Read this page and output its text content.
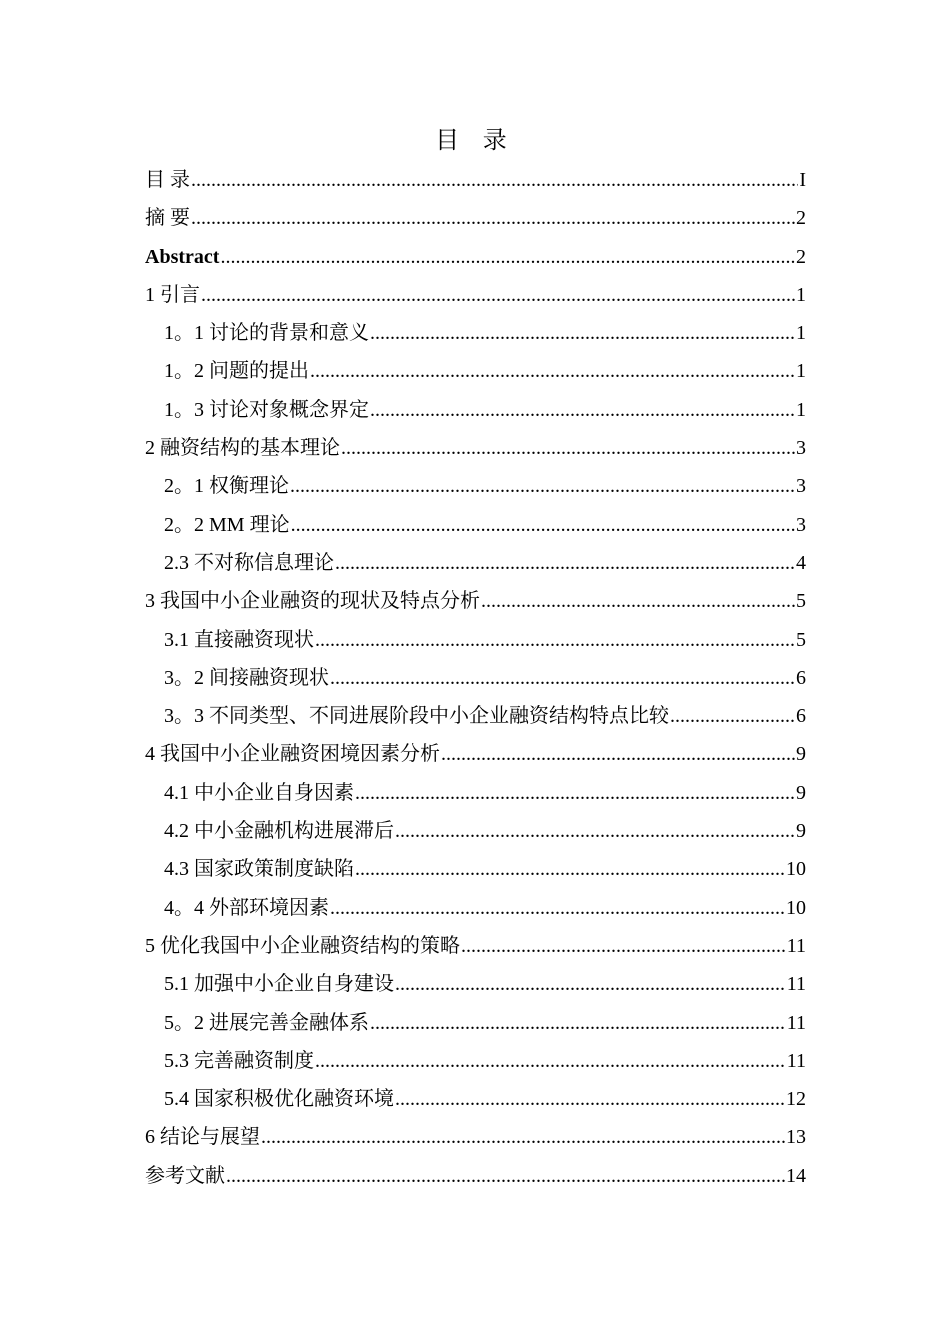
目 录
目 录 .....	I
摘 要 .....	2
Abstract .....	2
1 引言 .....	1
1。1 讨论的背景和意义 .....	1
1。2 问题的提出 .....	1
1。3 讨论对象概念界定 .....	1
2 融资结构的基本理论 .....	3
2。1 权衡理论 .....	3
2。2 MM 理论 .....	3
2.3 不对称信息理论 .....	4
3 我国中小企业融资的现状及特点分析 .....	5
3.1 直接融资现状 .....	5
3。2 间接融资现状 .....	6
3。3 不同类型、不同进展阶段中小企业融资结构特点比较 .....	6
4 我国中小企业融资困境因素分析 .....	9
4.1 中小企业自身因素 .....	9
4.2 中小金融机构进展滞后 .....	9
4.3 国家政策制度缺陷 .....	10
4。4 外部环境因素 .....	10
5 优化我国中小企业融资结构的策略 .....	11
5.1 加强中小企业自身建设 .....	11
5。2 进展完善金融体系 .....	11
5.3 完善融资制度 .....	11
5.4 国家积极优化融资环境 .....	12
6 结论与展望 .....	13
参考文献 .....	14
